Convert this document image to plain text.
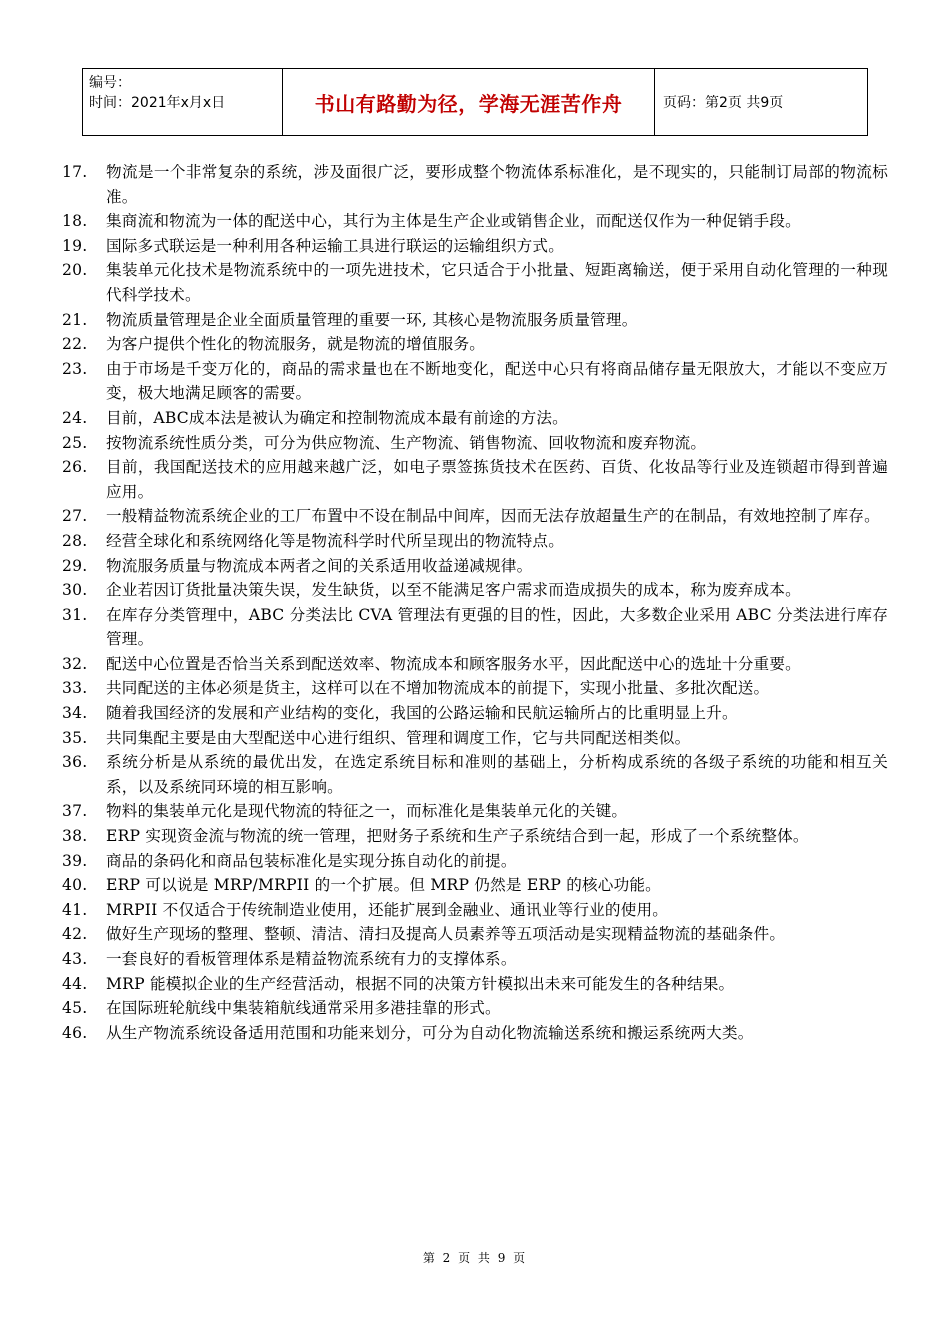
编号：
时间：2021年x月x日	书山有路勤为径，学海无涯苦作舟	页码：第2页 共9页
17.	物流是一个非常复杂的系统，涉及面很广泛，要形成整个物流体系标准化，是不现实的，只能制订局部的物流标准。
18.	集商流和物流为一体的配送中心，其行为主体是生产企业或销售企业，而配送仅作为一种促销手段。
19.	国际多式联运是一种利用各种运输工具进行联运的运输组织方式。
20.	集装单元化技术是物流系统中的一项先进技术，它只适合于小批量、短距离输送，便于采用自动化管理的一种现代科学技术。
21.	物流质量管理是企业全面质量管理的重要一环, 其核心是物流服务质量管理。
22.	为客户提供个性化的物流服务，就是物流的增值服务。
23.	由于市场是千变万化的，商品的需求量也在不断地变化，配送中心只有将商品储存量无限放大，才能以不变应万变，极大地满足顾客的需要。
24.	目前，ABC成本法是被认为确定和控制物流成本最有前途的方法。
25.	按物流系统性质分类，可分为供应物流、生产物流、销售物流、回收物流和废弃物流。
26.	目前，我国配送技术的应用越来越广泛，如电子票签拣货技术在医药、百货、化妆品等行业及连锁超市得到普遍应用。
27.	一般精益物流系统企业的工厂布置中不设在制品中间库，因而无法存放超量生产的在制品，有效地控制了库存。
28.	经营全球化和系统网络化等是物流科学时代所呈现出的物流特点。
29.	物流服务质量与物流成本两者之间的关系适用收益递减规律。
30.	企业若因订货批量决策失误，发生缺货，以至不能满足客户需求而造成损失的成本，称为废弃成本。
31.	在库存分类管理中，ABC 分类法比 CVA 管理法有更强的目的性，因此，大多数企业采用 ABC 分类法进行库存管理。
32.	配送中心位置是否恰当关系到配送效率、物流成本和顾客服务水平，因此配送中心的选址十分重要。
33.	共同配送的主体必须是货主，这样可以在不增加物流成本的前提下，实现小批量、多批次配送。
34.	随着我国经济的发展和产业结构的变化，我国的公路运输和民航运输所占的比重明显上升。
35.	共同集配主要是由大型配送中心进行组织、管理和调度工作，它与共同配送相类似。
36.	系统分析是从系统的最优出发，在选定系统目标和准则的基础上，分析构成系统的各级子系统的功能和相互关系，以及系统同环境的相互影响。
37.	物料的集装单元化是现代物流的特征之一，而标准化是集装单元化的关键。
38.	ERP 实现资金流与物流的统一管理，把财务子系统和生产子系统结合到一起，形成了一个系统整体。
39.	商品的条码化和商品包装标准化是实现分拣自动化的前提。
40.	ERP 可以说是 MRP/MRPII 的一个扩展。但 MRP 仍然是 ERP 的核心功能。
41.	MRPII 不仅适合于传统制造业使用，还能扩展到金融业、通讯业等行业的使用。
42.	做好生产现场的整理、整顿、清洁、清扫及提高人员素养等五项活动是实现精益物流的基础条件。
43.	一套良好的看板管理体系是精益物流系统有力的支撑体系。
44.	MRP 能模拟企业的生产经营活动，根据不同的决策方针模拟出未来可能发生的各种结果。
45.	在国际班轮航线中集装箱航线通常采用多港挂靠的形式。
46.	从生产物流系统设备适用范围和功能来划分，可分为自动化物流输送系统和搬运系统两大类。
第 2 页 共 9 页
